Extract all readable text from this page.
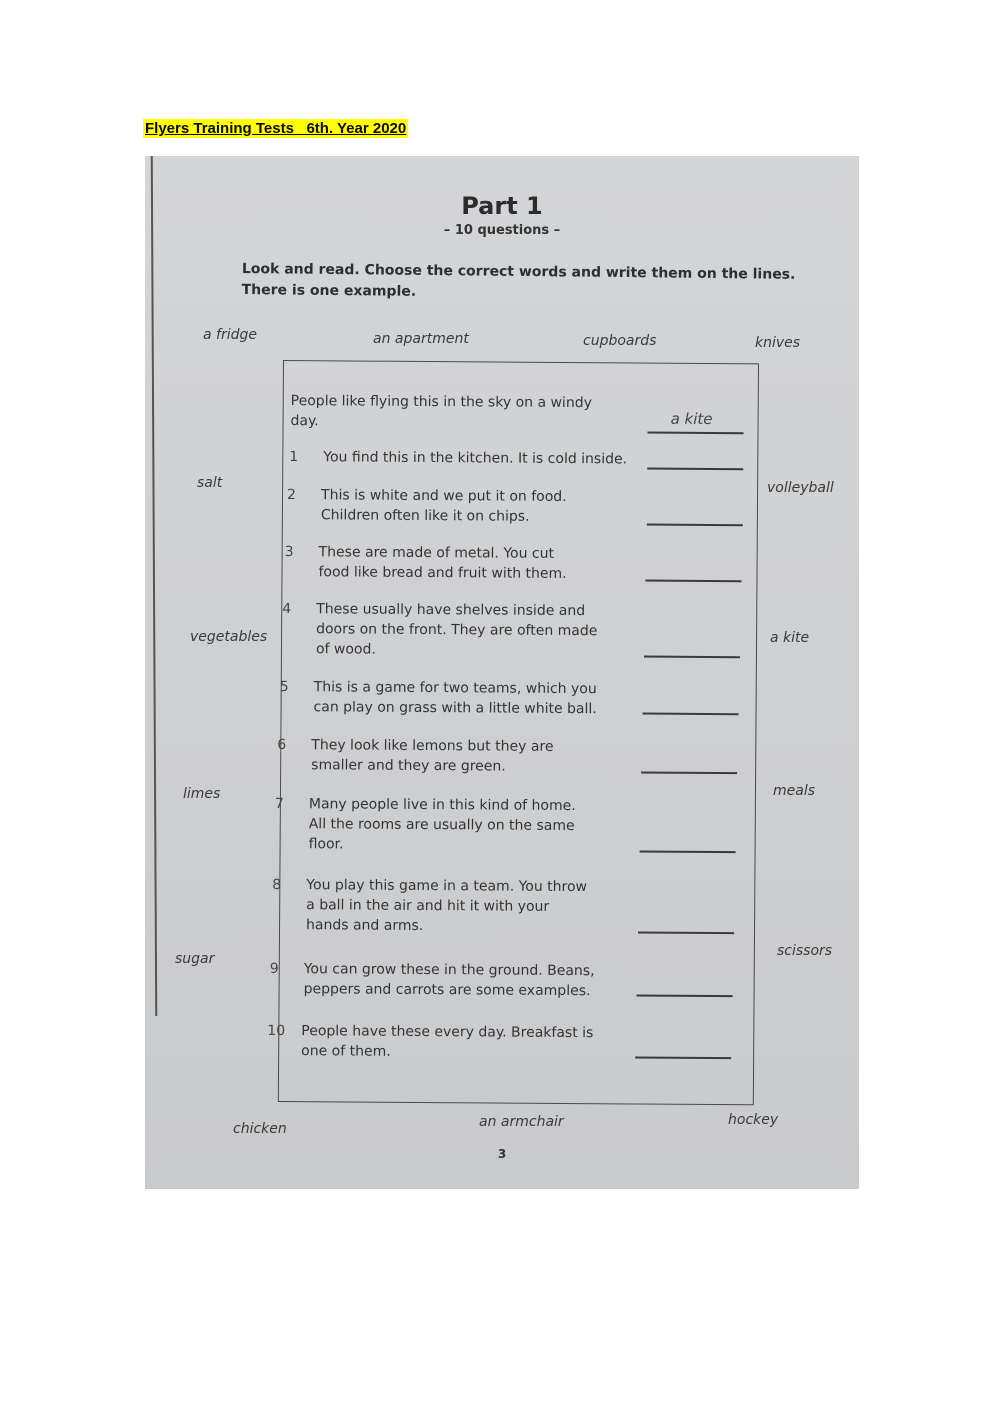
Flyers Training Tests   6th. Year 2020
Part 1
– 10 questions –
Look and read. Choose the correct words and write them on the lines.
There is one example.
a fridge	an apartment	cupboards	knives
salt
vegetables
limes
sugar
volleyball
a kite
meals
scissors
chicken	an armchair	hockey
People like flying this in the sky on a windy
day.	a kite
1	You find this in the kitchen. It is cold inside.
2	This is white and we put it on food.
Children often like it on chips.
3	These are made of metal. You cut
food like bread and fruit with them.
4	These usually have shelves inside and
doors on the front. They are often made
of wood.
5	This is a game for two teams, which you
can play on grass with a little white ball.
6	They look like lemons but they are
smaller and they are green.
7	Many people live in this kind of home.
All the rooms are usually on the same
floor.
8	You play this game in a team. You throw
a ball in the air and hit it with your
hands and arms.
9	You can grow these in the ground. Beans,
peppers and carrots are some examples.
10 People have these every day. Breakfast is
one of them.
3
